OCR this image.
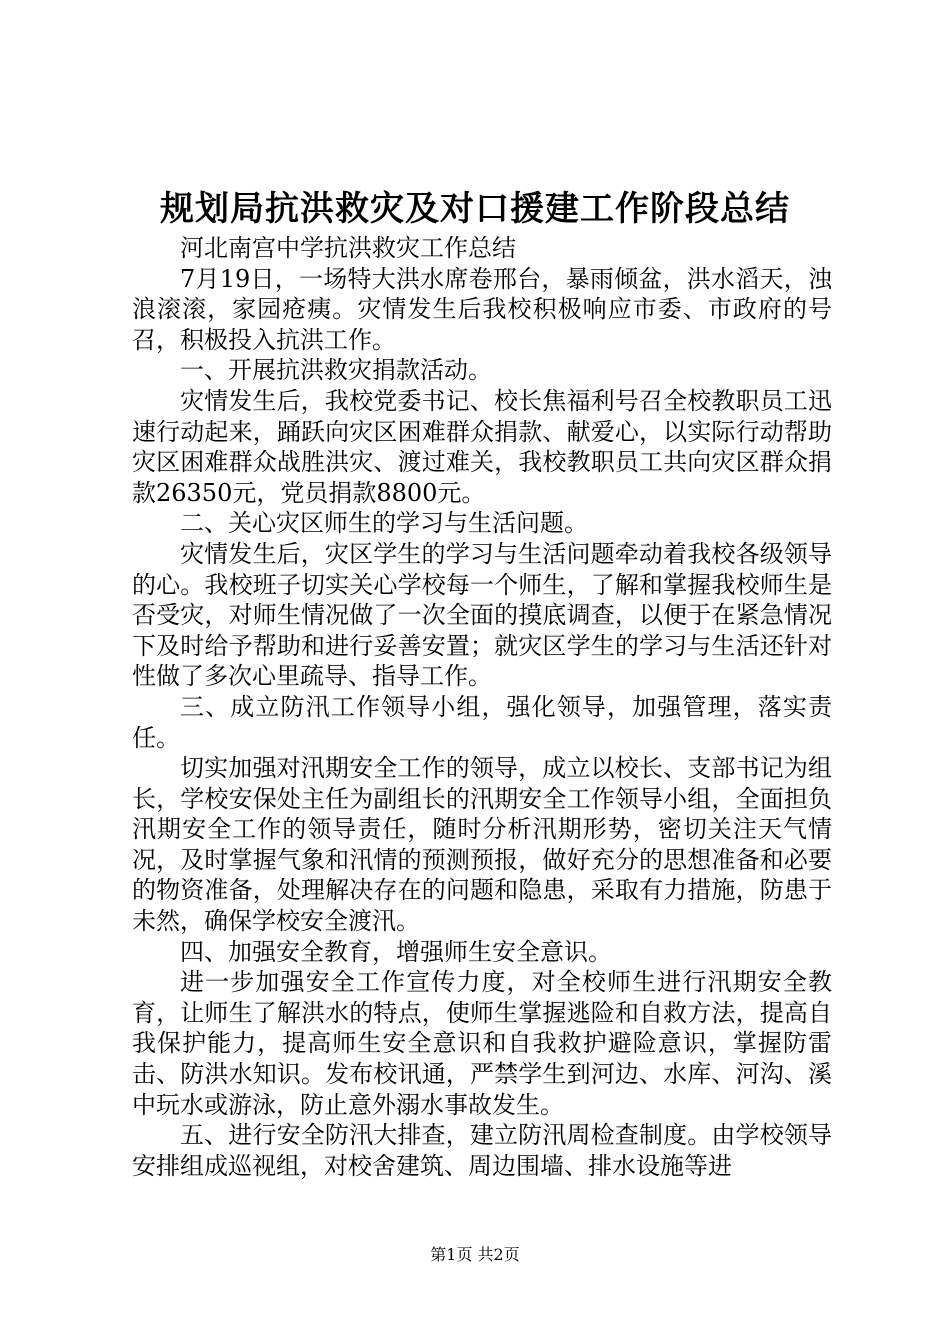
规划局抗洪救灾及对口援建工作阶段总结

河北南宫中学抗洪救灾工作总结

7月19日，一场特大洪水席卷邢台，暴雨倾盆，洪水滔天，浊浪滚滚，家园疮痍。灾情发生后我校积极响应市委、市政府的号召，积极投入抗洪工作。

一、开展抗洪救灾捐款活动。

灾情发生后，我校党委书记、校长焦福利号召全校教职员工迅速行动起来，踊跃向灾区困难群众捐款、献爱心，以实际行动帮助灾区困难群众战胜洪灾、渡过难关，我校教职员工共向灾区群众捐款26350元，党员捐款8800元。

二、关心灾区师生的学习与生活问题。

灾情发生后，灾区学生的学习与生活问题牵动着我校各级领导的心。我校班子切实关心学校每一个师生，了解和掌握我校师生是否受灾，对师生情况做了一次全面的摸底调查，以便于在紧急情况下及时给予帮助和进行妥善安置；就灾区学生的学习与生活还针对性做了多次心里疏导、指导工作。

三、成立防汛工作领导小组，强化领导，加强管理，落实责任。

切实加强对汛期安全工作的领导，成立以校长、支部书记为组长，学校安保处主任为副组长的汛期安全工作领导小组，全面担负汛期安全工作的领导责任，随时分析汛期形势，密切关注天气情况，及时掌握气象和汛情的预测预报，做好充分的思想准备和必要的物资准备，处理解决存在的问题和隐患，采取有力措施，防患于未然，确保学校安全渡汛。

四、加强安全教育，增强师生安全意识。

进一步加强安全工作宣传力度，对全校师生进行汛期安全教育，让师生了解洪水的特点，使师生掌握逃险和自救方法，提高自我保护能力，提高师生安全意识和自我救护避险意识，掌握防雷击、防洪水知识。发布校讯通，严禁学生到河边、水库、河沟、溪中玩水或游泳，防止意外溺水事故发生。

五、进行安全防汛大排查，建立防汛周检查制度。由学校领导安排组成巡视组，对校舍建筑、周边围墙、排水设施等进

第1页 共2页
